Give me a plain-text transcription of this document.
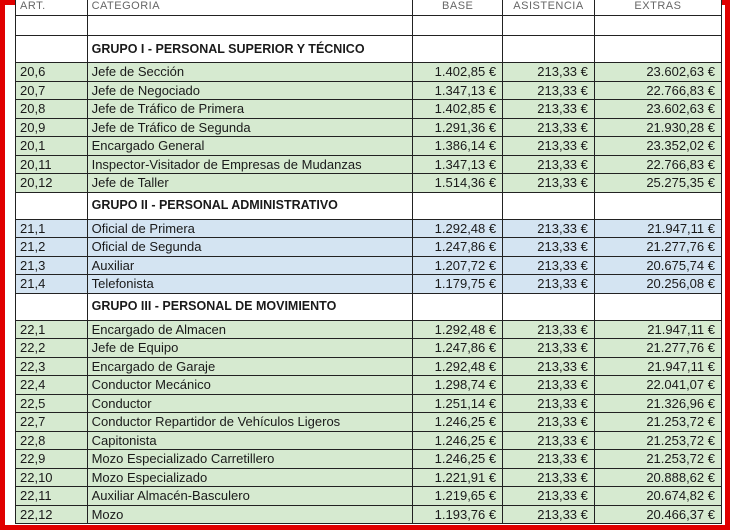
ART.	CATEGORIA	BASE	ASISTENCIA	EXTRAS

	GRUPO I - PERSONAL SUPERIOR Y TÉCNICO			
20,6	Jefe de Sección	1.402,85 €	213,33 €	23.602,63 €
20,7	Jefe de Negociado	1.347,13 €	213,33 €	22.766,83 €
20,8	Jefe de Tráfico de Primera	1.402,85 €	213,33 €	23.602,63 €
20,9	Jefe de Tráfico de Segunda	1.291,36 €	213,33 €	21.930,28 €
20,1	Encargado General	1.386,14 €	213,33 €	23.352,02 €
20,11	Inspector-Visitador de Empresas de Mudanzas	1.347,13 €	213,33 €	22.766,83 €
20,12	Jefe de Taller	1.514,36 €	213,33 €	25.275,35 €
	GRUPO II - PERSONAL ADMINISTRATIVO			
21,1	Oficial de Primera	1.292,48 €	213,33 €	21.947,11 €
21,2	Oficial de Segunda	1.247,86 €	213,33 €	21.277,76 €
21,3	Auxiliar	1.207,72 €	213,33 €	20.675,74 €
21,4	Telefonista	1.179,75 €	213,33 €	20.256,08 €
	GRUPO III - PERSONAL DE MOVIMIENTO			
22,1	Encargado de Almacen	1.292,48 €	213,33 €	21.947,11 €
22,2	Jefe de Equipo	1.247,86 €	213,33 €	21.277,76 €
22,3	Encargado de Garaje	1.292,48 €	213,33 €	21.947,11 €
22,4	Conductor Mecánico	1.298,74 €	213,33 €	22.041,07 €
22,5	Conductor	1.251,14 €	213,33 €	21.326,96 €
22,7	Conductor Repartidor de Vehículos Ligeros	1.246,25 €	213,33 €	21.253,72 €
22,8	Capitonista	1.246,25 €	213,33 €	21.253,72 €
22,9	Mozo Especializado Carretillero	1.246,25 €	213,33 €	21.253,72 €
22,10	Mozo Especializado	1.221,91 €	213,33 €	20.888,62 €
22,11	Auxiliar Almacén-Basculero	1.219,65 €	213,33 €	20.674,82 €
22,12	Mozo	1.193,76 €	213,33 €	20.466,37 €
